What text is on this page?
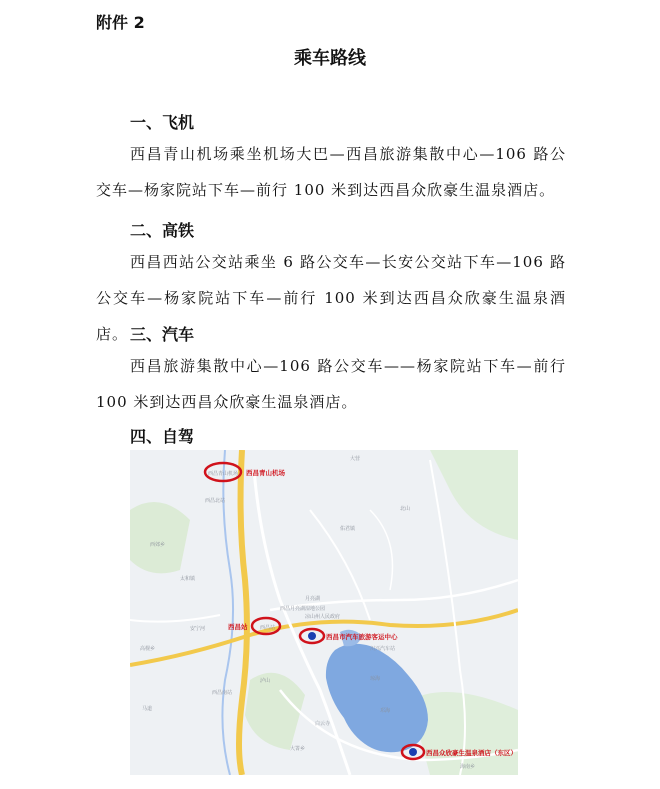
附件 2
乘车路线
一、飞机
西昌青山机场乘坐机场大巴—西昌旅游集散中心—106 路公交车—杨家院站下车—前行 100 米到达西昌众欣豪生温泉酒店。
二、高铁
西昌西站公交站乘坐 6 路公交车—长安公交站下车—106 路公交车—杨家院站下车—前行 100 米到达西昌众欣豪生温泉酒店。 三、汽车
西昌旅游集散中心—106 路公交车——杨家院站下车—前行 100 米到达西昌众欣豪生温泉酒店。
四、自驾
西昌北站
安宁河
琼海
大营
西昌南站
邛海
川兴汽车站
月亮湖
西郊乡
高枧乡
泸山
大箐乡
白云寺
北山
太和镇
西昌月亮湖湿地公园
凉山州人民政府
马道
佑君镇
海南乡
西昌青山机场 西昌青山机场
西昌站
西昌站
西昌市汽车旅游客运中心
西昌众欣豪生温泉酒店（东区）
